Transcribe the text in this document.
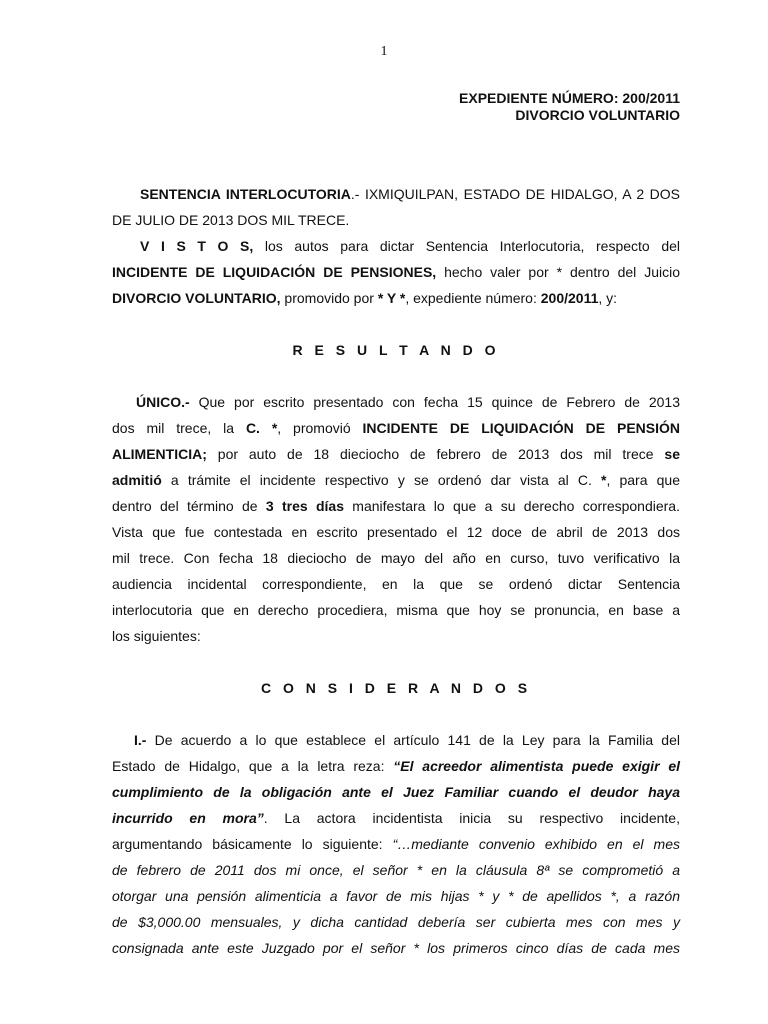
1
EXPEDIENTE NÚMERO: 200/2011
DIVORCIO VOLUNTARIO

SENTENCIA INTERLOCUTORIA.- IXMIQUILPAN, ESTADO DE HIDALGO, A 2 DOS

DE JULIO DE 2013 DOS MIL TRECE.

V I S T O S, los autos para dictar Sentencia Interlocutoria, respecto del

INCIDENTE DE LIQUIDACIÓN DE PENSIONES, hecho valer por * dentro del Juicio

DIVORCIO VOLUNTARIO, promovido por * Y *, expediente número: 200/2011, y:

R E S U L T A N D O

ÚNICO.- Que por escrito presentado con fecha 15 quince de Febrero de 2013

dos mil trece, la C. *, promovió INCIDENTE DE LIQUIDACIÓN DE PENSIÓN

ALIMENTICIA; por auto de 18 dieciocho de febrero de 2013 dos mil trece se

admitió a trámite el incidente respectivo y se ordenó dar vista al C. *, para que

dentro del término de 3 tres días manifestara lo que a su derecho correspondiera.

Vista que fue contestada en escrito presentado el 12 doce de abril de 2013 dos

mil trece. Con fecha 18 dieciocho de mayo del año en curso, tuvo verificativo la

audiencia incidental correspondiente, en la que se ordenó dictar Sentencia

interlocutoria que en derecho procediera, misma que hoy se pronuncia, en base a

los siguientes:

C O N S I D E R A N D O S

I.- De acuerdo a lo que establece el artículo 141 de la Ley para la Familia del

Estado de Hidalgo, que a la letra reza: “El acreedor alimentista puede exigir el

cumplimiento de la obligación ante el Juez Familiar cuando el deudor haya

incurrido en mora”. La actora incidentista inicia su respectivo incidente,

argumentando básicamente lo siguiente: “…mediante convenio exhibido en el mes

de febrero de 2011 dos mi once, el señor * en la cláusula 8ª se comprometió a

otorgar una pensión alimenticia a favor de mis hijas * y * de apellidos *, a razón

de $3,000.00 mensuales, y dicha cantidad debería ser cubierta mes con mes y

consignada ante este Juzgado por el señor * los primeros cinco días de cada mes
